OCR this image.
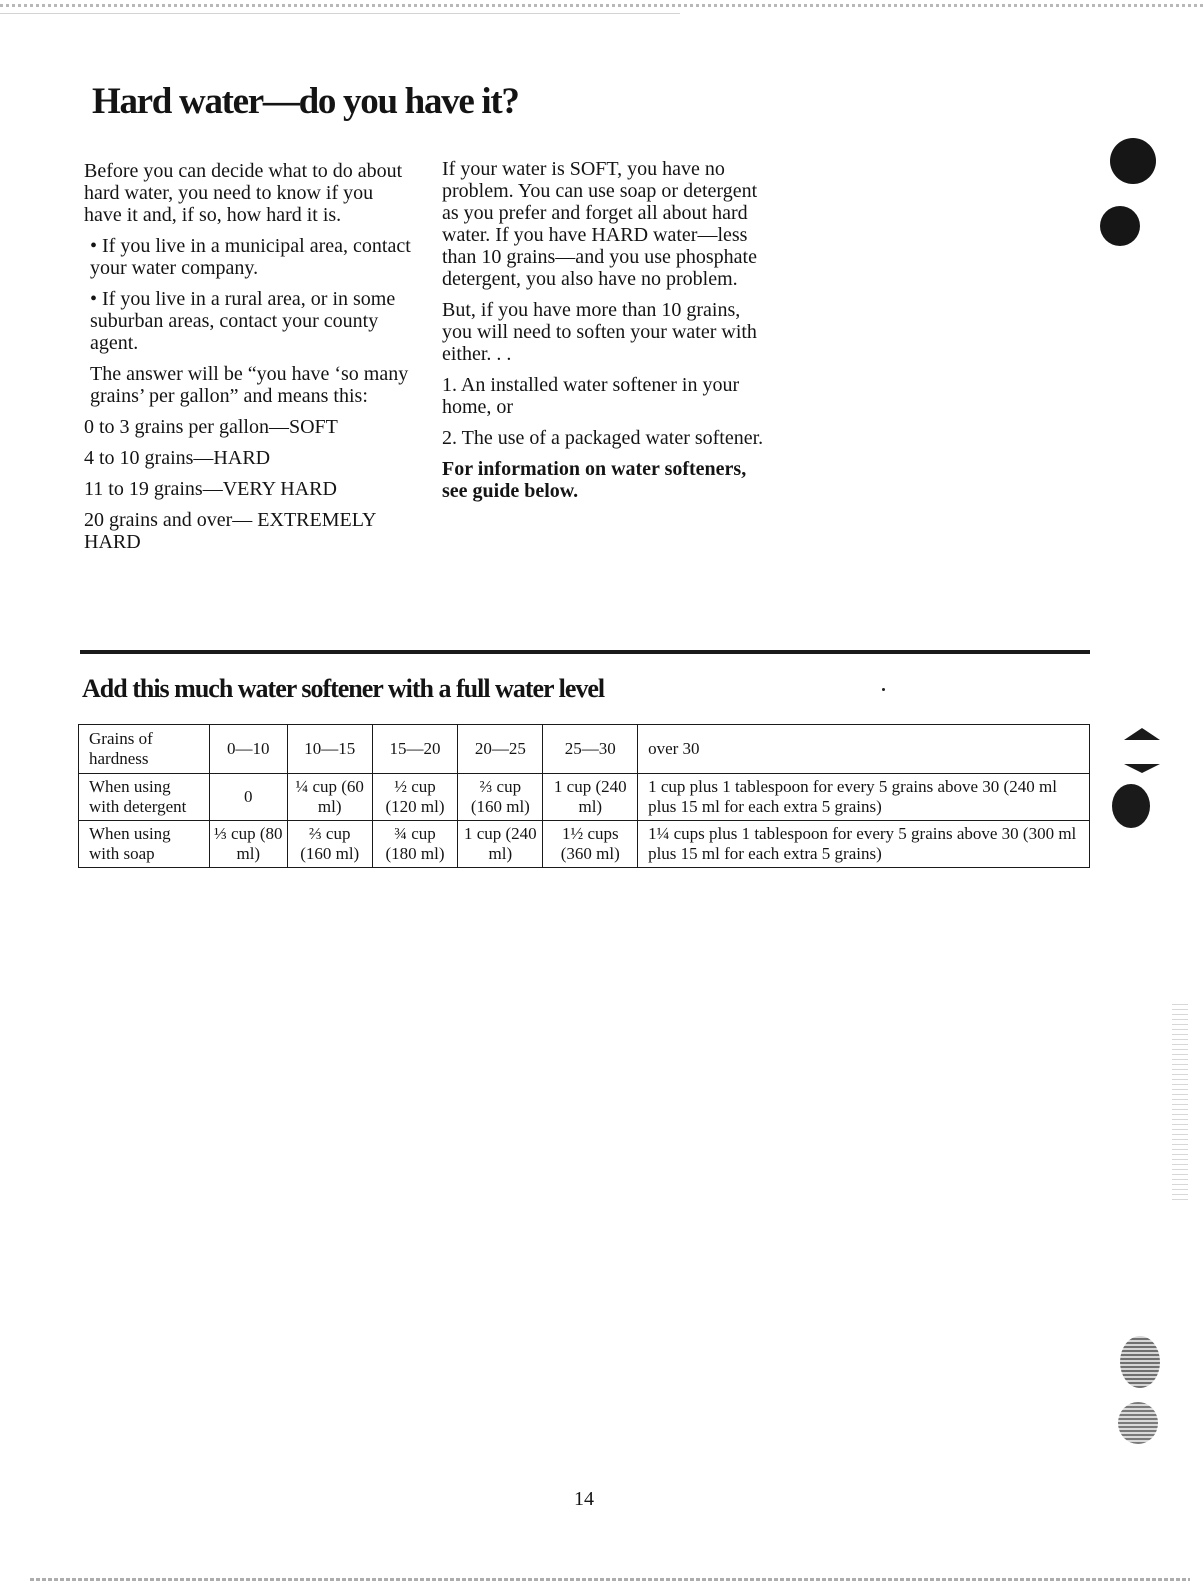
Hard water—do you have it?

Before you can decide what to do about hard water, you need to know if you have it and, if so, how hard it is.

• If you live in a municipal area, contact your water company.

• If you live in a rural area, or in some suburban areas, contact your county agent.

The answer will be “you have ‘so many grains’ per gallon” and means this:

0 to 3 grains per gallon—SOFT

4 to 10 grains—HARD

11 to 19 grains—VERY HARD

20 grains and over— EXTREMELY HARD

If your water is SOFT, you have no problem. You can use soap or detergent as you prefer and forget all about hard water. If you have HARD water—less than 10 grains—and you use phosphate detergent, you also have no problem.

But, if you have more than 10 grains, you will need to soften your water with either. . .

1. An installed water softener in your home, or

2. The use of a packaged water softener.

For information on water softeners, see guide below.

Add this much water softener with a full water level
Grains of hardness	0—10	10—15	15—20	20—25	25—30	over 30
When using with detergent	0	¼ cup (60 ml)	½ cup (120 ml)	⅔ cup (160 ml)	1 cup (240 ml)	1 cup plus 1 tablespoon for every 5 grains above 30 (240 ml plus 15 ml for each extra 5 grains)
When using with soap	⅓ cup (80 ml)	⅔ cup (160 ml)	¾ cup (180 ml)	1 cup (240 ml)	1½ cups (360 ml)	1¼ cups plus 1 tablespoon for every 5 grains above 30 (300 ml plus 15 ml for each extra 5 grains)
14
